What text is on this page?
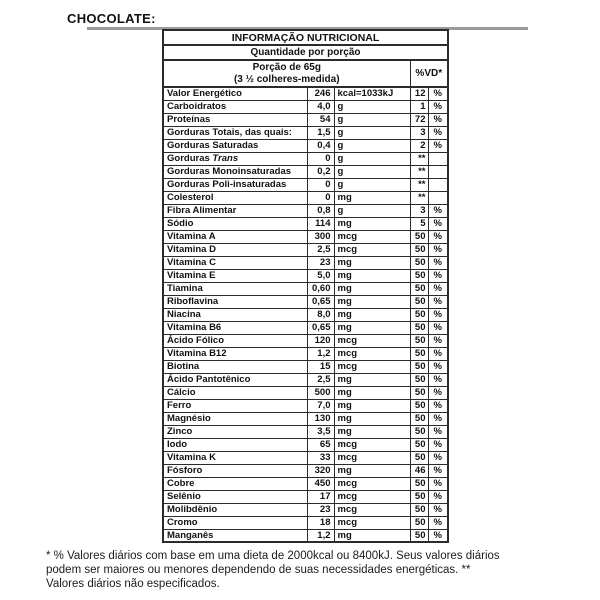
CHOCOLATE:
INFORMAÇÃO NUTRICIONAL				
Quantidade por porção				

Porção de 65g
(3 ½ colheres-medida)			%VD*	
Valor Energético	246	kcal=1033kJ	12	%
Carboidratos	4,0	g	1	%
Proteínas	54	g	72	%
Gorduras Totais, das quais:	1,5	g	3	%
Gorduras Saturadas	0,4	g	2	%
Gorduras Trans	0	g	**	
Gorduras Monoinsaturadas	0,2	g	**	
Gorduras Poli-insaturadas	0	g	**	
Colesterol	0	mg	**	
Fibra Alimentar	0,8	g	3	%
Sódio	114	mg	5	%
Vitamina A	300	mcg	50	%
Vitamina D	2,5	mcg	50	%
Vitamina C	23	mg	50	%
Vitamina E	5,0	mg	50	%
Tiamina	0,60	mg	50	%
Riboflavina	0,65	mg	50	%
Niacina	8,0	mg	50	%
Vitamina B6	0,65	mg	50	%
Ácido Fólico	120	mcg	50	%
Vitamina B12	1,2	mcg	50	%
Biotina	15	mcg	50	%
Ácido Pantotênico	2,5	mg	50	%
Cálcio	500	mg	50	%
Ferro	7,0	mg	50	%
Magnésio	130	mg	50	%
Zinco	3,5	mg	50	%
Iodo	65	mcg	50	%
Vitamina K	33	mcg	50	%
Fósforo	320	mg	46	%
Cobre	450	mcg	50	%
Selênio	17	mcg	50	%
Molibdênio	23	mcg	50	%
Cromo	18	mcg	50	%
Manganês	1,2	mg	50	%
* % Valores diários com base em uma dieta de 2000kcal ou 8400kJ. Seus valores diários
podem ser maiores ou menores dependendo de suas necessidades energéticas. **
Valores diários não especificados.
